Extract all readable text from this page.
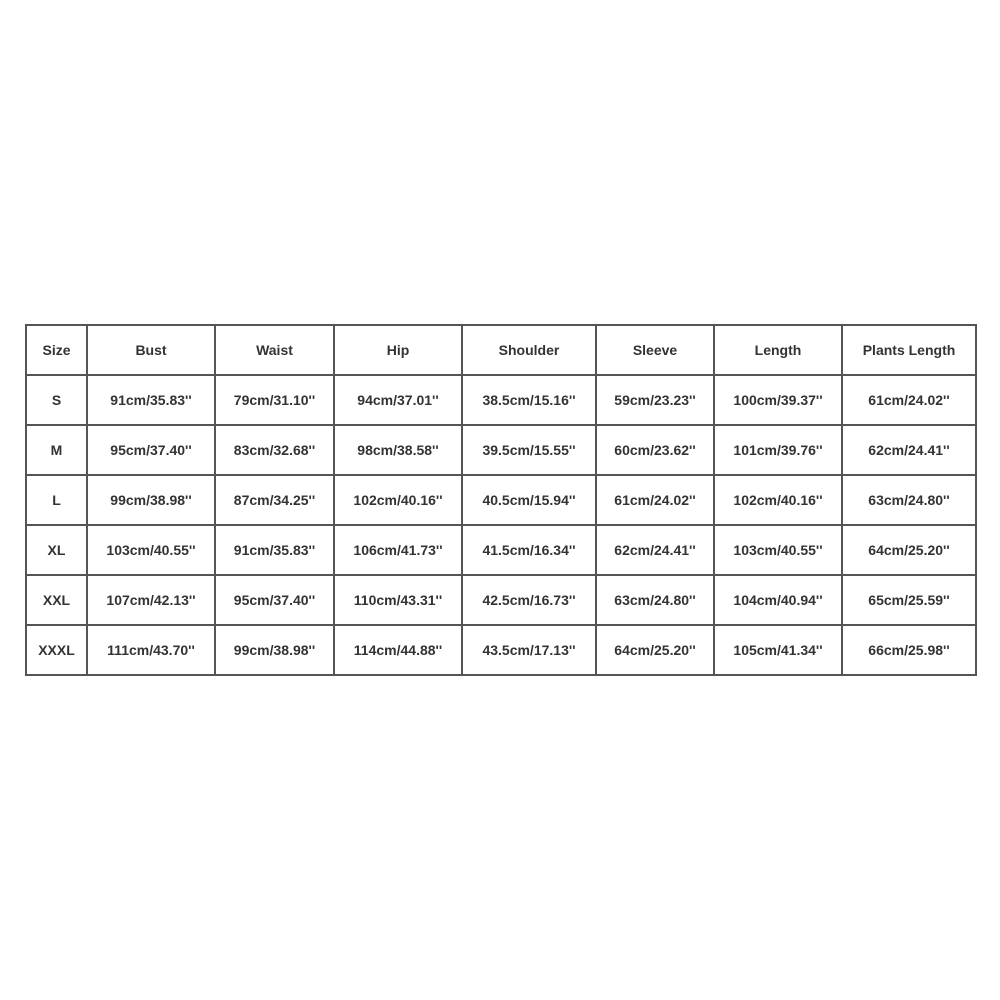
Size	Bust	Waist	Hip	Shoulder	Sleeve	Length	Plants Length
S	91cm/35.83''	79cm/31.10''	94cm/37.01''	38.5cm/15.16''	59cm/23.23''	100cm/39.37''	61cm/24.02''
M	95cm/37.40''	83cm/32.68''	98cm/38.58''	39.5cm/15.55''	60cm/23.62''	101cm/39.76''	62cm/24.41''
L	99cm/38.98''	87cm/34.25''	102cm/40.16''	40.5cm/15.94''	61cm/24.02''	102cm/40.16''	63cm/24.80''
XL	103cm/40.55''	91cm/35.83''	106cm/41.73''	41.5cm/16.34''	62cm/24.41''	103cm/40.55''	64cm/25.20''
XXL	107cm/42.13''	95cm/37.40''	110cm/43.31''	42.5cm/16.73''	63cm/24.80''	104cm/40.94''	65cm/25.59''
XXXL	111cm/43.70''	99cm/38.98''	114cm/44.88''	43.5cm/17.13''	64cm/25.20''	105cm/41.34''	66cm/25.98''
